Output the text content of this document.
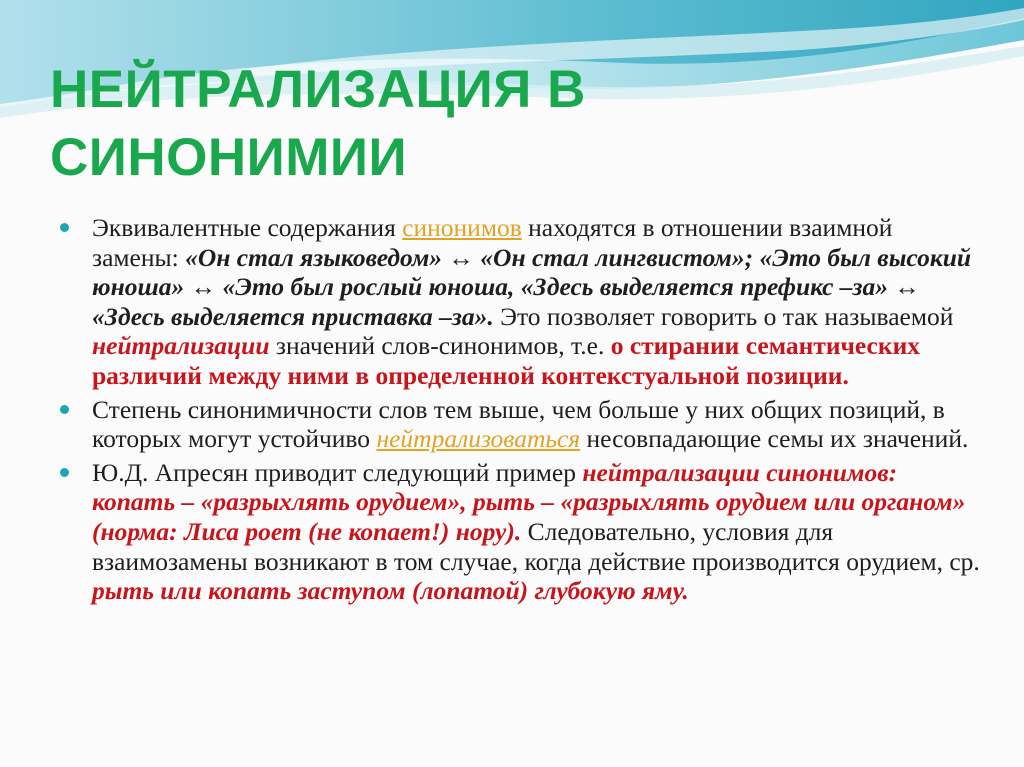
НЕЙТРАЛИЗАЦИЯ В
СИНОНИМИИ

Эквивалентные содержания синонимов находятся в отношении взаимной замены: «Он стал языковедом» ↔ «Он стал лингвистом»; «Это был высокий юноша» ↔ «Это был рослый юноша, «Здесь выделяется префикс –за» ↔ «Здесь выделяется приставка –за». Это позволяет говорить о так называемой нейтрализации значений слов-синонимов, т.е. о стирании семантических различий между ними в определенной контекстуальной позиции.

Степень синонимичности слов тем выше, чем больше у них общих позиций, в которых могут устойчиво нейтрализоваться несовпадающие семы их значений.

Ю.Д. Апресян приводит следующий пример нейтрализации синонимов: копать – «разрыхлять орудием», рыть – «разрыхлять орудием или органом» (норма: Лиса роет (не копает!) нору). Следовательно, условия для взаимозамены возникают в том случае, когда действие производится орудием, ср. рыть или копать заступом (лопатой) глубокую яму.
